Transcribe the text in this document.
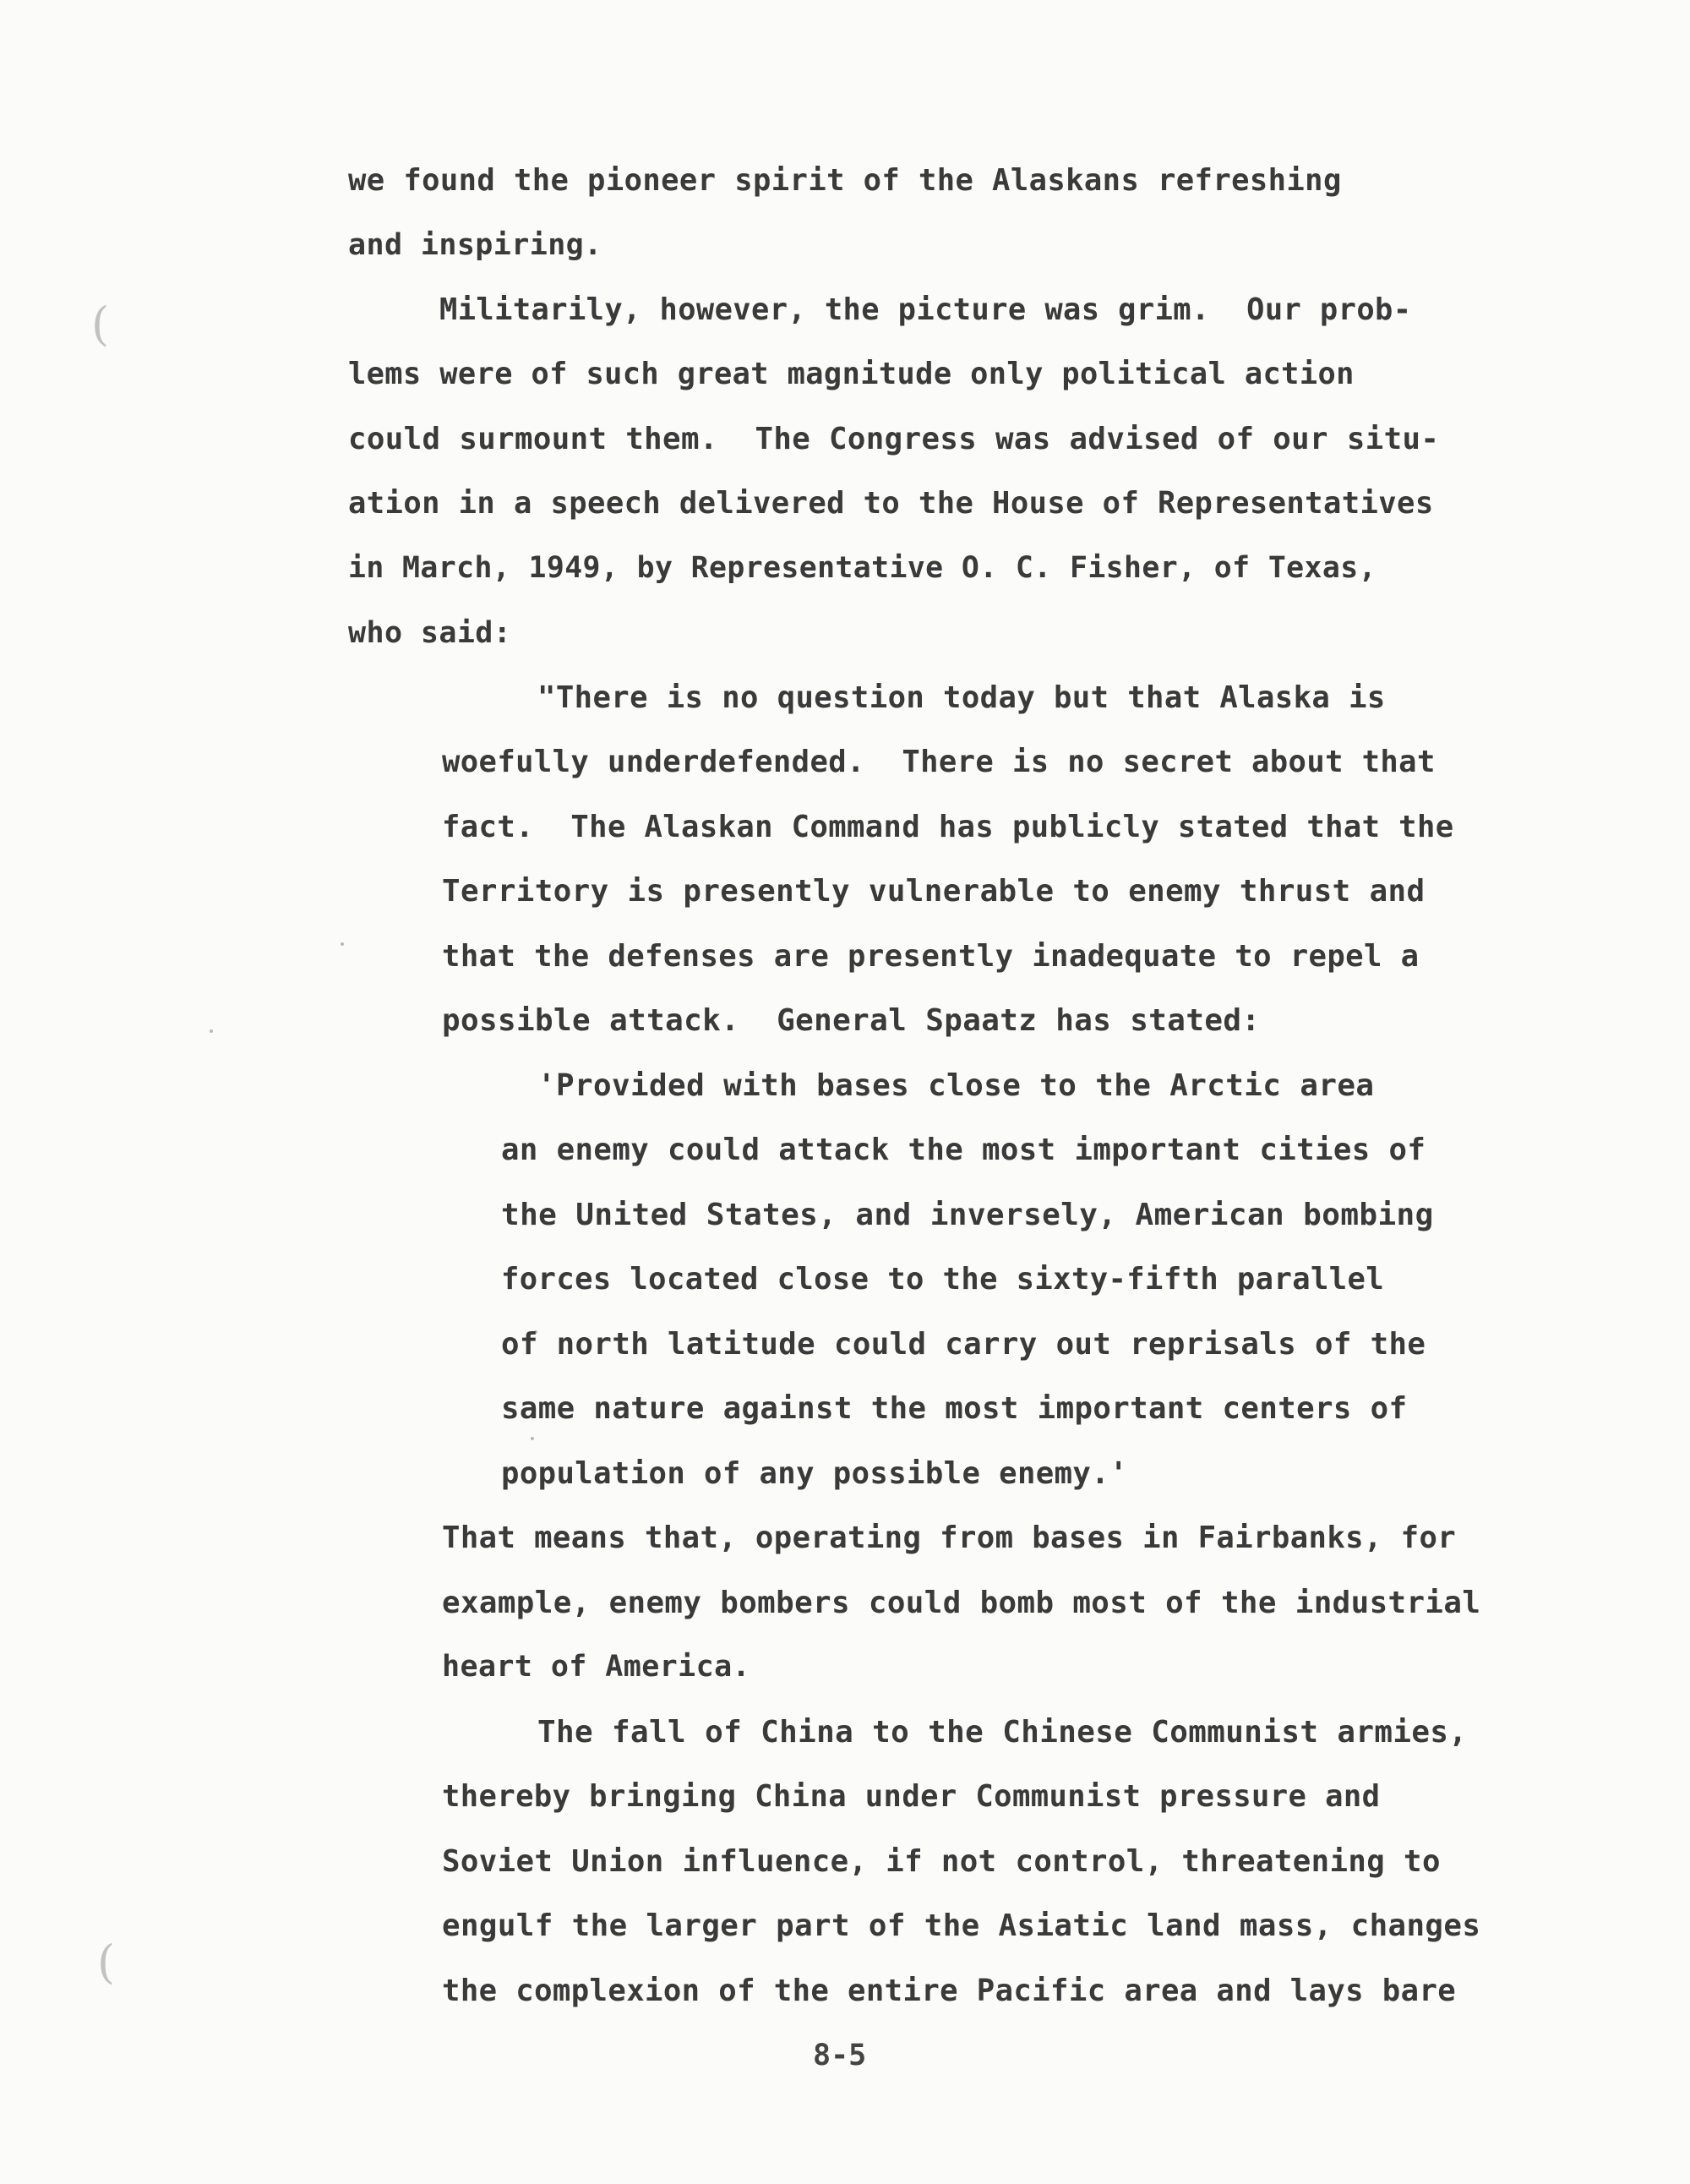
(
(
we found the pioneer spirit of the Alaskans refreshing
and inspiring.
Militarily, however, the picture was grim.  Our prob-
lems were of such great magnitude only political action
could surmount them.  The Congress was advised of our situ-
ation in a speech delivered to the House of Representatives
in March, 1949, by Representative O. C. Fisher, of Texas,
who said:
"There is no question today but that Alaska is
woefully underdefended.  There is no secret about that
fact.  The Alaskan Command has publicly stated that the
Territory is presently vulnerable to enemy thrust and
that the defenses are presently inadequate to repel a
possible attack.  General Spaatz has stated:
'Provided with bases close to the Arctic area
an enemy could attack the most important cities of
the United States, and inversely, American bombing
forces located close to the sixty-fifth parallel
of north latitude could carry out reprisals of the
same nature against the most important centers of
population of any possible enemy.'
That means that, operating from bases in Fairbanks, for
example, enemy bombers could bomb most of the industrial
heart of America.
The fall of China to the Chinese Communist armies,
thereby bringing China under Communist pressure and
Soviet Union influence, if not control, threatening to
engulf the larger part of the Asiatic land mass, changes
the complexion of the entire Pacific area and lays bare
8-5
